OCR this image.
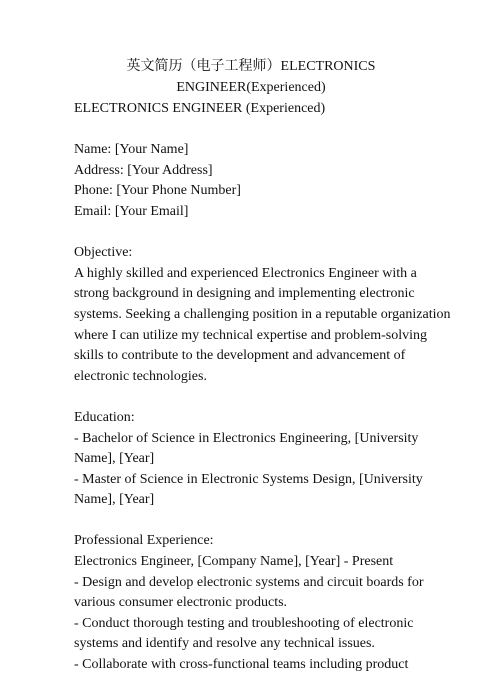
英文简历（电子工程师）ELECTRONICS
ENGINEER(Experienced)
ELECTRONICS ENGINEER (Experienced)
Name: [Your Name]
Address: [Your Address]
Phone: [Your Phone Number]
Email: [Your Email]
Objective:
A highly skilled and experienced Electronics Engineer with a
strong background in designing and implementing electronic
systems. Seeking a challenging position in a reputable organization
where I can utilize my technical expertise and problem-solving
skills to contribute to the development and advancement of
electronic technologies.
Education:
- Bachelor of Science in Electronics Engineering, [University
Name], [Year]
- Master of Science in Electronic Systems Design, [University
Name], [Year]
Professional Experience:
Electronics Engineer, [Company Name], [Year] - Present
- Design and develop electronic systems and circuit boards for
various consumer electronic products.
- Conduct thorough testing and troubleshooting of electronic
systems and identify and resolve any technical issues.
- Collaborate with cross-functional teams including product
